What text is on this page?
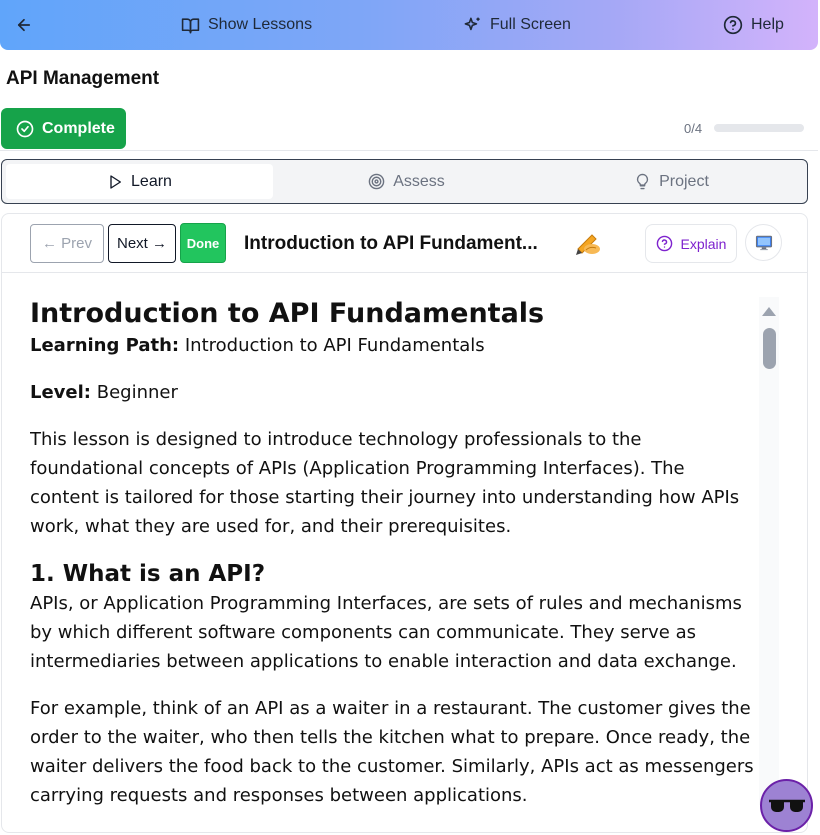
Show Lessons	Full Screen	Help
API Management
Complete	0/4
Learn	Assess	Project
← Prev	Next →	Done	Introduction to API Fundament...	Explain
Introduction to API Fundamentals

Learning Path: Introduction to API Fundamentals

Level: Beginner

This lesson is designed to introduce technology professionals to the foundational concepts of APIs (Application Programming Interfaces). The content is tailored for those starting their journey into understanding how APIs work, what they are used for, and their prerequisites.

1. What is an API?

APIs, or Application Programming Interfaces, are sets of rules and mechanisms by which different software components can communicate. They serve as intermediaries between applications to enable interaction and data exchange.

For example, think of an API as a waiter in a restaurant. The customer gives the order to the waiter, who then tells the kitchen what to prepare. Once ready, the waiter delivers the food back to the customer. Similarly, APIs act as messengers carrying requests and responses between applications.
